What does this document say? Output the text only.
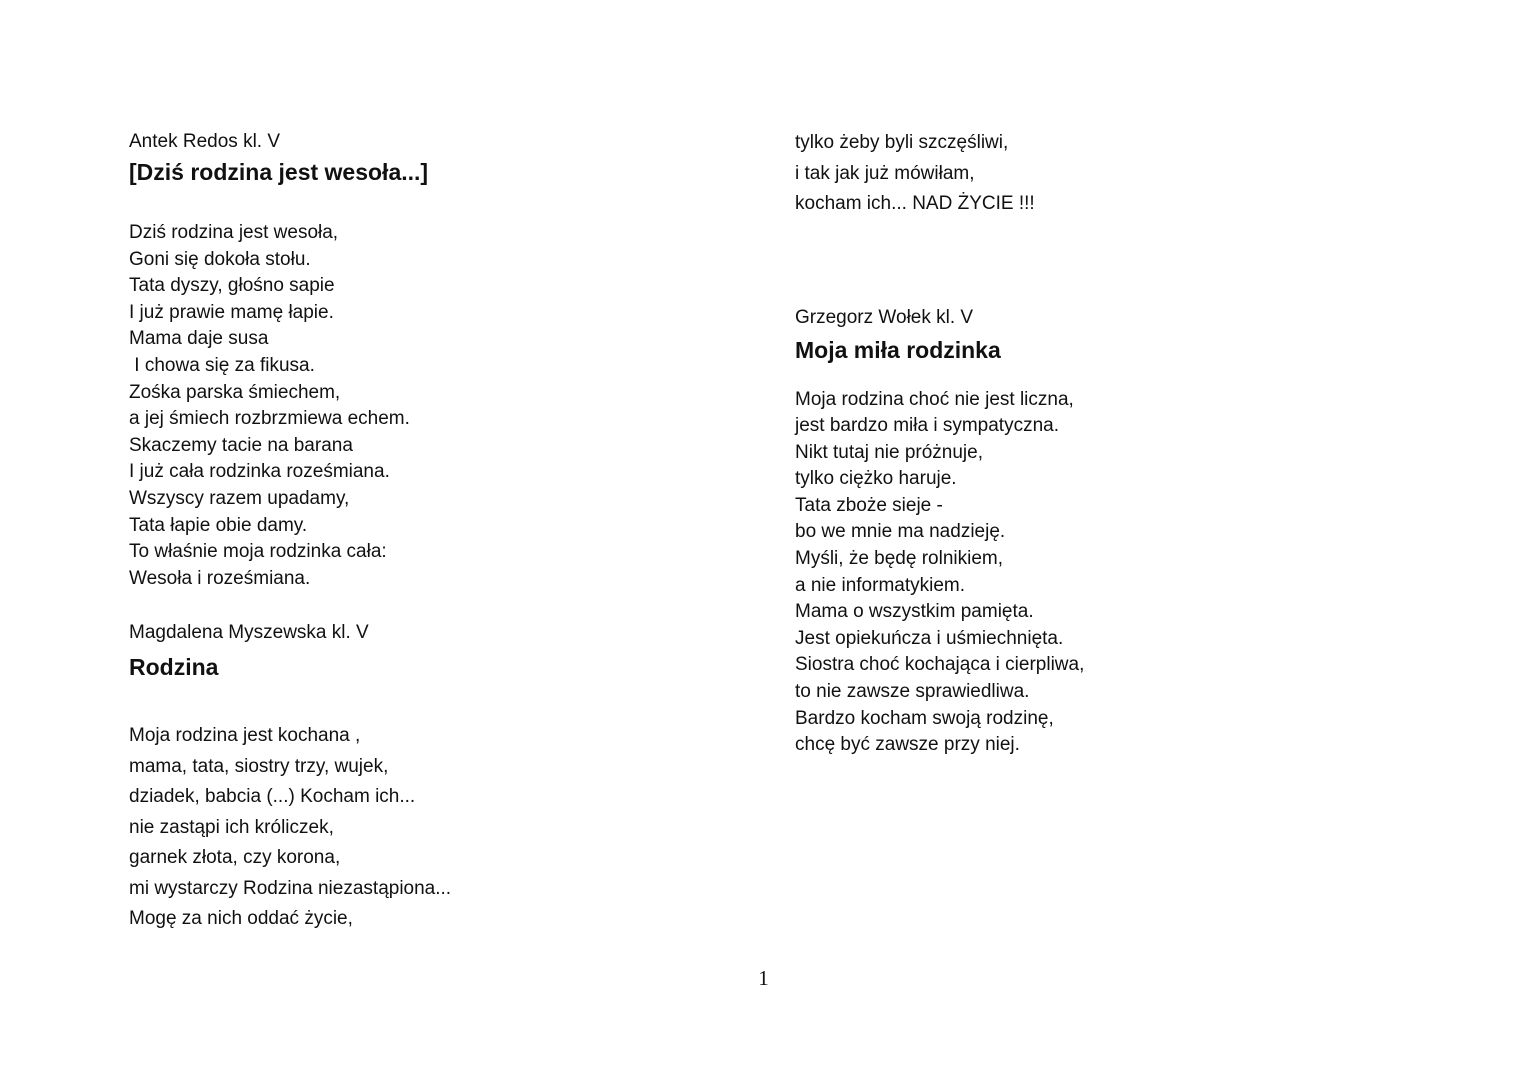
Antek Redos kl. V

[Dziś rodzina jest wesoła...]
Dziś rodzina jest wesoła,
Goni się dokoła stołu.
Tata dyszy, głośno sapie
I już prawie mamę łapie.
Mama daje susa
I chowa się za fikusa.
Zośka parska śmiechem,
a jej śmiech rozbrzmiewa echem.
Skaczemy tacie na barana
I już cała rodzinka roześmiana.
Wszyscy razem upadamy,
Tata łapie obie damy.
To właśnie moja rodzinka cała:
Wesoła i roześmiana.

Magdalena Myszewska kl. V

Rodzina
Moja rodzina jest kochana ,
mama, tata, siostry trzy, wujek,
dziadek, babcia (...) Kocham ich...
nie zastąpi ich króliczek,
garnek złota, czy korona,
mi wystarczy Rodzina niezastąpiona...
Mogę za nich oddać życie,
tylko żeby byli szczęśliwi,
i tak jak już mówiłam,
kocham ich... NAD ŻYCIE !!!

Grzegorz Wołek kl. V

Moja miła rodzinka
Moja rodzina choć nie jest liczna,
jest bardzo miła i sympatyczna.
Nikt tutaj nie próżnuje,
tylko ciężko haruje.
Tata zboże sieje -
bo we mnie ma nadzieję.
Myśli, że będę rolnikiem,
a nie informatykiem.
Mama o wszystkim pamięta.
Jest opiekuńcza i uśmiechnięta.
Siostra choć kochająca i cierpliwa,
to nie zawsze sprawiedliwa.
Bardzo kocham swoją rodzinę,
chcę być zawsze przy niej.
1
